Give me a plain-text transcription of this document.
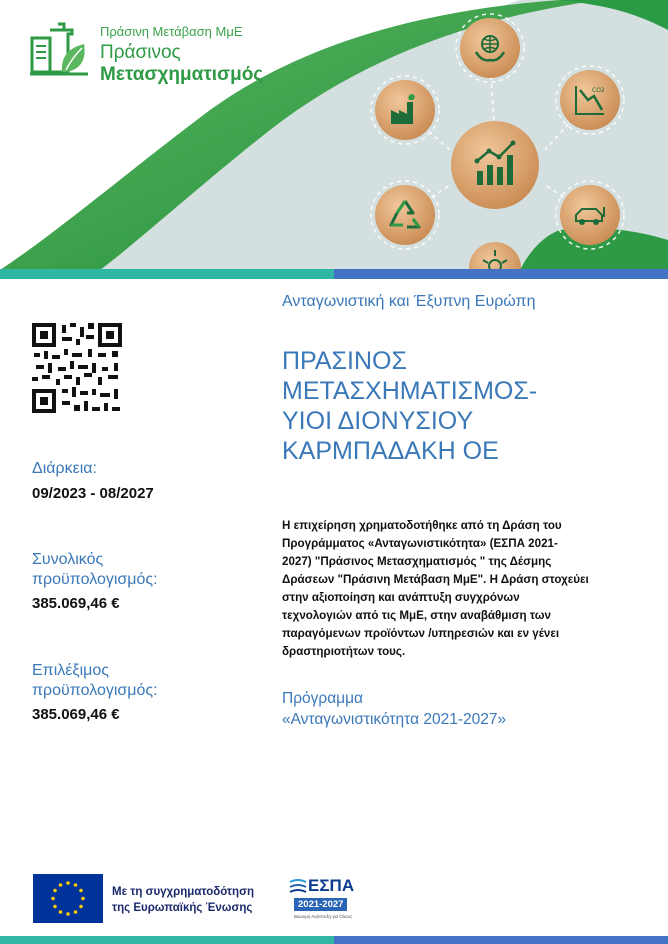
CO2
Πράσινη Μετάβαση ΜμΕ
Πράσινος
Μετασχηματισμός
Διάρκεια:
09/2023 - 08/2027
Συνολικός
προϋπολογισμός:
385.069,46 €
Επιλέξιμος
προϋπολογισμός:
385.069,46 €
Ανταγωνιστική και Έξυπνη Ευρώπη
ΠΡΑΣΙΝΟΣ
ΜΕΤΑΣΧΗΜΑΤΙΣΜΟΣ-
ΥΙΟΙ ΔΙΟΝΥΣΙΟΥ
ΚΑΡΜΠΑΔΑΚΗ ΟΕ
Η επιχείρηση χρηματοδοτήθηκε από τη Δράση του
Προγράμματος «Ανταγωνιστικότητα» (ΕΣΠΑ 2021-
2027) "Πράσινος Μετασχηματισμός " της Δέσμης
Δράσεων "Πράσινη Μετάβαση ΜμΕ". Η Δράση στοχεύει
στην αξιοποίηση και ανάπτυξη συγχρόνων
τεχνολογιών από τις ΜμΕ, στην αναβάθμιση των
παραγόμενων προϊόντων /υπηρεσιών και εν γένει
δραστηριοτήτων τους.
Πρόγραμμα
«Ανταγωνιστικότητα 2021-2027»
Με τη συγχρηματοδότηση
της Ευρωπαϊκής Ένωσης
ΕΣΠΑ
2021-2027
Βιώσιμη Ανάπτυξη για Όλους
